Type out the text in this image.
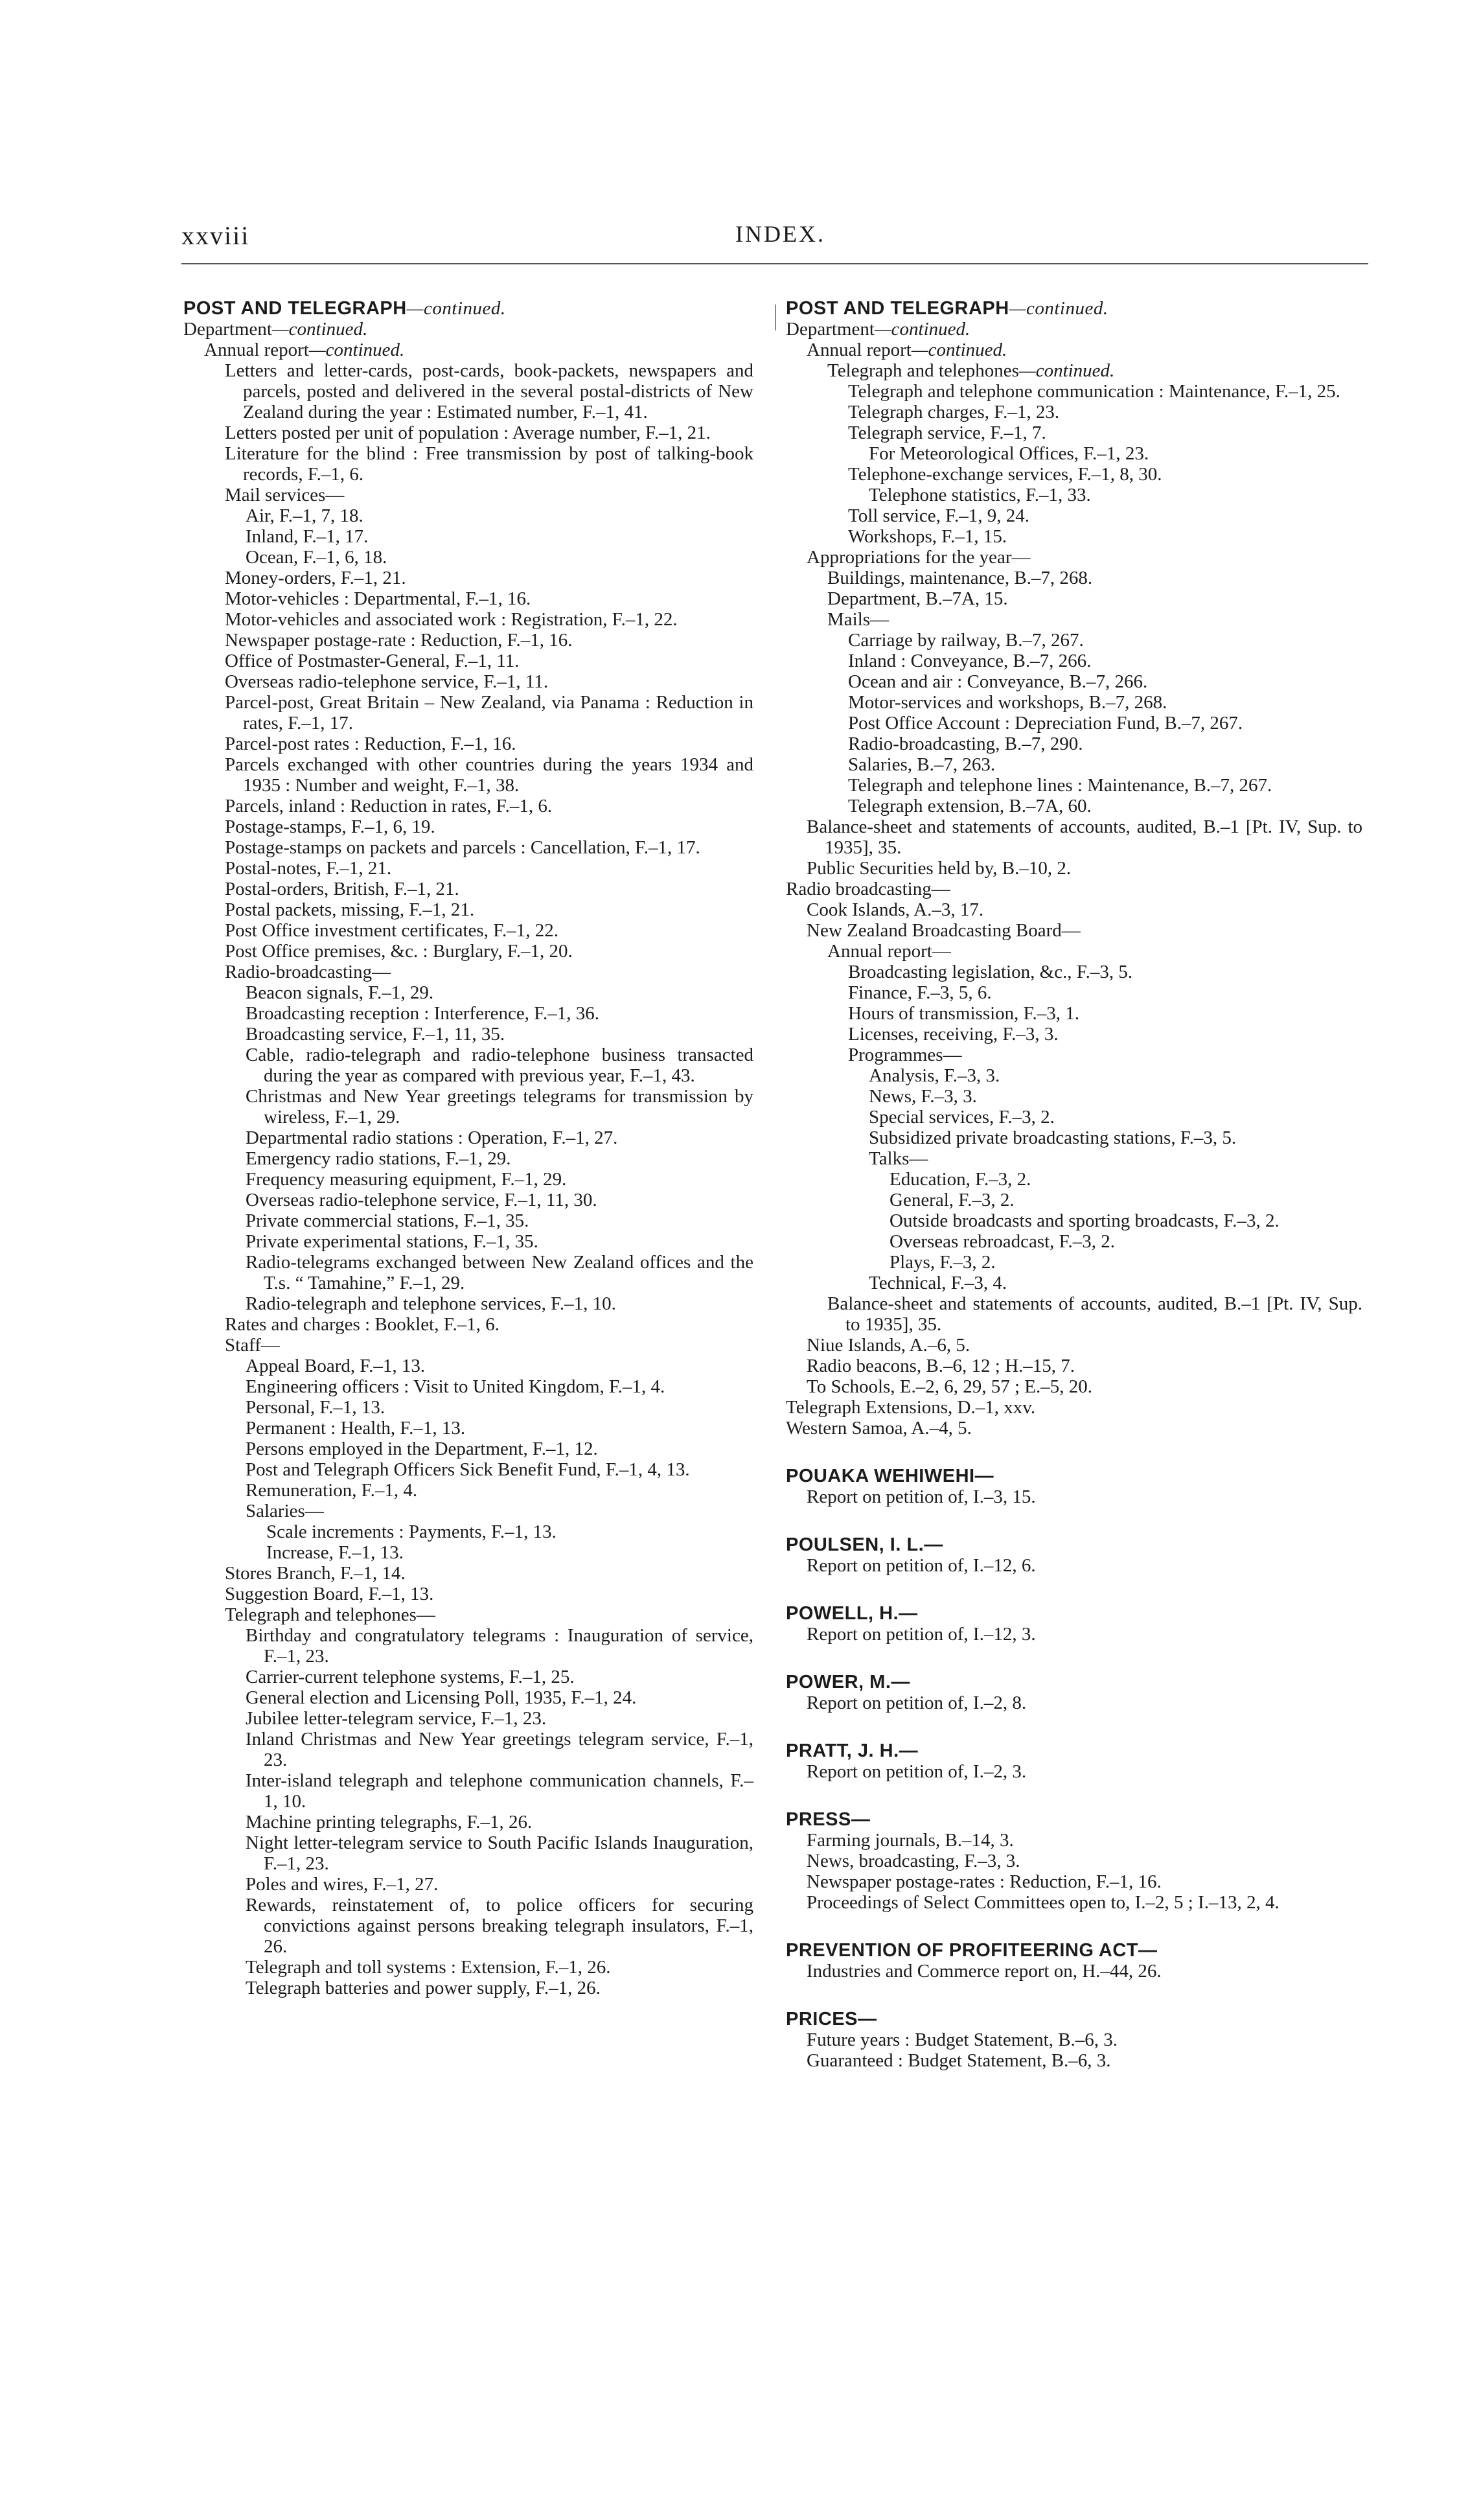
xxviii	INDEX.

POST AND TELEGRAPH—continued.

Department—continued.

Annual report—continued.

Letters and letter-cards, post-cards, book-packets, newspapers and parcels, posted and delivered in the several postal-districts of New Zealand during the year : Estimated number, F.–1, 41.

Letters posted per unit of population : Average number, F.–1, 21.

Literature for the blind : Free transmission by post of talking-book records, F.–1, 6.

Mail services—

Air, F.–1, 7, 18.

Inland, F.–1, 17.

Ocean, F.–1, 6, 18.

Money-orders, F.–1, 21.

Motor-vehicles : Departmental, F.–1, 16.

Motor-vehicles and associated work : Registration, F.–1, 22.

Newspaper postage-rate : Reduction, F.–1, 16.

Office of Postmaster-General, F.–1, 11.

Overseas radio-telephone service, F.–1, 11.

Parcel-post, Great Britain – New Zealand, via Panama : Reduction in rates, F.–1, 17.

Parcel-post rates : Reduction, F.–1, 16.

Parcels exchanged with other countries during the years 1934 and 1935 : Number and weight, F.–1, 38.

Parcels, inland : Reduction in rates, F.–1, 6.

Postage-stamps, F.–1, 6, 19.

Postage-stamps on packets and parcels : Cancellation, F.–1, 17.

Postal-notes, F.–1, 21.

Postal-orders, British, F.–1, 21.

Postal packets, missing, F.–1, 21.

Post Office investment certificates, F.–1, 22.

Post Office premises, &c. : Burglary, F.–1, 20.

Radio-broadcasting—

Beacon signals, F.–1, 29.

Broadcasting reception : Interference, F.–1, 36.

Broadcasting service, F.–1, 11, 35.

Cable, radio-telegraph and radio-telephone business transacted during the year as compared with previous year, F.–1, 43.

Christmas and New Year greetings telegrams for transmission by wireless, F.–1, 29.

Departmental radio stations : Operation, F.–1, 27.

Emergency radio stations, F.–1, 29.

Frequency measuring equipment, F.–1, 29.

Overseas radio-telephone service, F.–1, 11, 30.

Private commercial stations, F.–1, 35.

Private experimental stations, F.–1, 35.

Radio-telegrams exchanged between New Zealand offices and the T.s. “ Tamahine,” F.–1, 29.

Radio-telegraph and telephone services, F.–1, 10.

Rates and charges : Booklet, F.–1, 6.

Staff—

Appeal Board, F.–1, 13.

Engineering officers : Visit to United Kingdom, F.–1, 4.

Personal, F.–1, 13.

Permanent : Health, F.–1, 13.

Persons employed in the Department, F.–1, 12.

Post and Telegraph Officers Sick Benefit Fund, F.–1, 4, 13.

Remuneration, F.–1, 4.

Salaries—

Scale increments : Payments, F.–1, 13.

Increase, F.–1, 13.

Stores Branch, F.–1, 14.

Suggestion Board, F.–1, 13.

Telegraph and telephones—

Birthday and congratulatory telegrams : Inauguration of service, F.–1, 23.

Carrier-current telephone systems, F.–1, 25.

General election and Licensing Poll, 1935, F.–1, 24.

Jubilee letter-telegram service, F.–1, 23.

Inland Christmas and New Year greetings telegram service, F.–1, 23.

Inter-island telegraph and telephone communication channels, F.–1, 10.

Machine printing telegraphs, F.–1, 26.

Night letter-telegram service to South Pacific Islands Inauguration, F.–1, 23.

Poles and wires, F.–1, 27.

Rewards, reinstatement of, to police officers for securing convictions against persons breaking telegraph insulators, F.–1, 26.

Telegraph and toll systems : Extension, F.–1, 26.

Telegraph batteries and power supply, F.–1, 26.

POST AND TELEGRAPH—continued.

Department—continued.

Annual report—continued.

Telegraph and telephones—continued.

Telegraph and telephone communication : Maintenance, F.–1, 25.

Telegraph charges, F.–1, 23.

Telegraph service, F.–1, 7.

For Meteorological Offices, F.–1, 23.

Telephone-exchange services, F.–1, 8, 30.

Telephone statistics, F.–1, 33.

Toll service, F.–1, 9, 24.

Workshops, F.–1, 15.

Appropriations for the year—

Buildings, maintenance, B.–7, 268.

Department, B.–7A, 15.

Mails—

Carriage by railway, B.–7, 267.

Inland : Conveyance, B.–7, 266.

Ocean and air : Conveyance, B.–7, 266.

Motor-services and workshops, B.–7, 268.

Post Office Account : Depreciation Fund, B.–7, 267.

Radio-broadcasting, B.–7, 290.

Salaries, B.–7, 263.

Telegraph and telephone lines : Maintenance, B.–7, 267.

Telegraph extension, B.–7A, 60.

Balance-sheet and statements of accounts, audited, B.–1 [Pt. IV, Sup. to 1935], 35.

Public Securities held by, B.–10, 2.

Radio broadcasting—

Cook Islands, A.–3, 17.

New Zealand Broadcasting Board—

Annual report—

Broadcasting legislation, &c., F.–3, 5.

Finance, F.–3, 5, 6.

Hours of transmission, F.–3, 1.

Licenses, receiving, F.–3, 3.

Programmes—

Analysis, F.–3, 3.

News, F.–3, 3.

Special services, F.–3, 2.

Subsidized private broadcasting stations, F.–3, 5.

Talks—

Education, F.–3, 2.

General, F.–3, 2.

Outside broadcasts and sporting broadcasts, F.–3, 2.

Overseas rebroadcast, F.–3, 2.

Plays, F.–3, 2.

Technical, F.–3, 4.

Balance-sheet and statements of accounts, audited, B.–1 [Pt. IV, Sup. to 1935], 35.

Niue Islands, A.–6, 5.

Radio beacons, B.–6, 12 ; H.–15, 7.

To Schools, E.–2, 6, 29, 57 ; E.–5, 20.

Telegraph Extensions, D.–1, xxv.

Western Samoa, A.–4, 5.

POUAKA WEHIWEHI—

Report on petition of, I.–3, 15.

POULSEN, I. L.—

Report on petition of, I.–12, 6.

POWELL, H.—

Report on petition of, I.–12, 3.

POWER, M.—

Report on petition of, I.–2, 8.

PRATT, J. H.—

Report on petition of, I.–2, 3.

PRESS—

Farming journals, B.–14, 3.

News, broadcasting, F.–3, 3.

Newspaper postage-rates : Reduction, F.–1, 16.

Proceedings of Select Committees open to, I.–2, 5 ; I.–13, 2, 4.

PREVENTION OF PROFITEERING ACT—

Industries and Commerce report on, H.–44, 26.

PRICES—

Future years : Budget Statement, B.–6, 3.

Guaranteed : Budget Statement, B.–6, 3.
